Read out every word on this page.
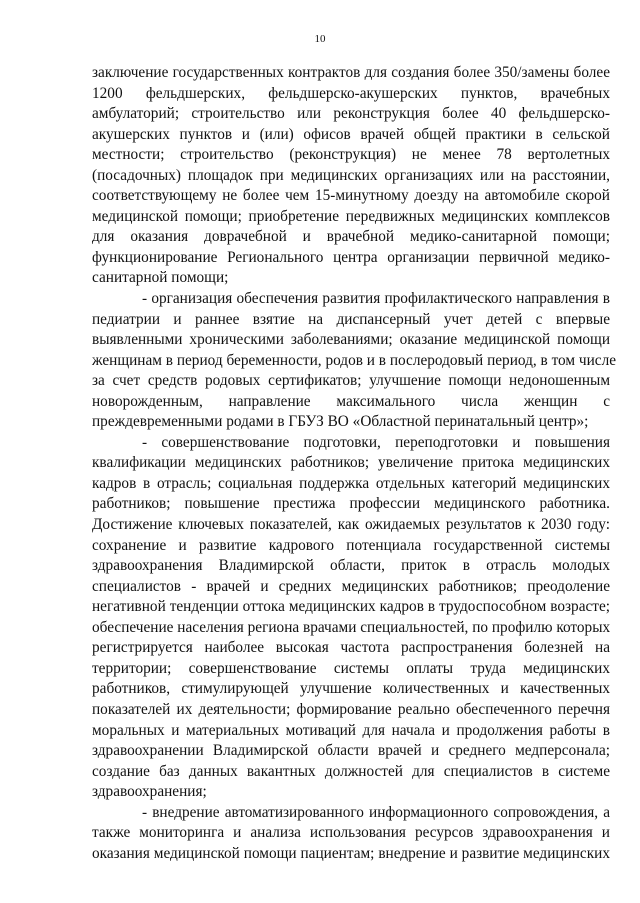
10
заключение государственных контрактов для создания более 350/замены более
1200 фельдшерских, фельдшерско-акушерских пунктов, врачебных
амбулаторий; строительство или реконструкция более 40 фельдшерско-
акушерских пунктов и (или) офисов врачей общей практики в сельской
местности; строительство (реконструкция) не менее 78 вертолетных
(посадочных) площадок при медицинских организациях или на расстоянии,
соответствующему не более чем 15-минутному доезду на автомобиле скорой
медицинской помощи; приобретение передвижных медицинских комплексов
для оказания доврачебной и врачебной медико-санитарной помощи;
функционирование Регионального центра организации первичной медико-
санитарной помощи;
- организация обеспечения развития профилактического направления в
педиатрии и раннее взятие на диспансерный учет детей с впервые
выявленными хроническими заболеваниями; оказание медицинской помощи
женщинам в период беременности, родов и в послеродовый период, в том числе
за счет средств родовых сертификатов; улучшение помощи недоношенным
новорожденным, направление максимального числа женщин с
преждевременными родами в ГБУЗ ВО «Областной перинатальный центр»;
- совершенствование подготовки, переподготовки и повышения
квалификации медицинских работников; увеличение притока медицинских
кадров в отрасль; социальная поддержка отдельных категорий медицинских
работников; повышение престижа профессии медицинского работника.
Достижение ключевых показателей, как ожидаемых результатов к 2030 году:
сохранение и развитие кадрового потенциала государственной системы
здравоохранения Владимирской области, приток в отрасль молодых
специалистов - врачей и средних медицинских работников; преодоление
негативной тенденции оттока медицинских кадров в трудоспособном возрасте;
обеспечение населения региона врачами специальностей, по профилю которых
регистрируется наиболее высокая частота распространения болезней на
территории; совершенствование системы оплаты труда медицинских
работников, стимулирующей улучшение количественных и качественных
показателей их деятельности; формирование реально обеспеченного перечня
моральных и материальных мотиваций для начала и продолжения работы в
здравоохранении Владимирской области врачей и среднего медперсонала;
создание баз данных вакантных должностей для специалистов в системе
здравоохранения;
- внедрение автоматизированного информационного сопровождения, а
также мониторинга и анализа использования ресурсов здравоохранения и
оказания медицинской помощи пациентам; внедрение и развитие медицинских
